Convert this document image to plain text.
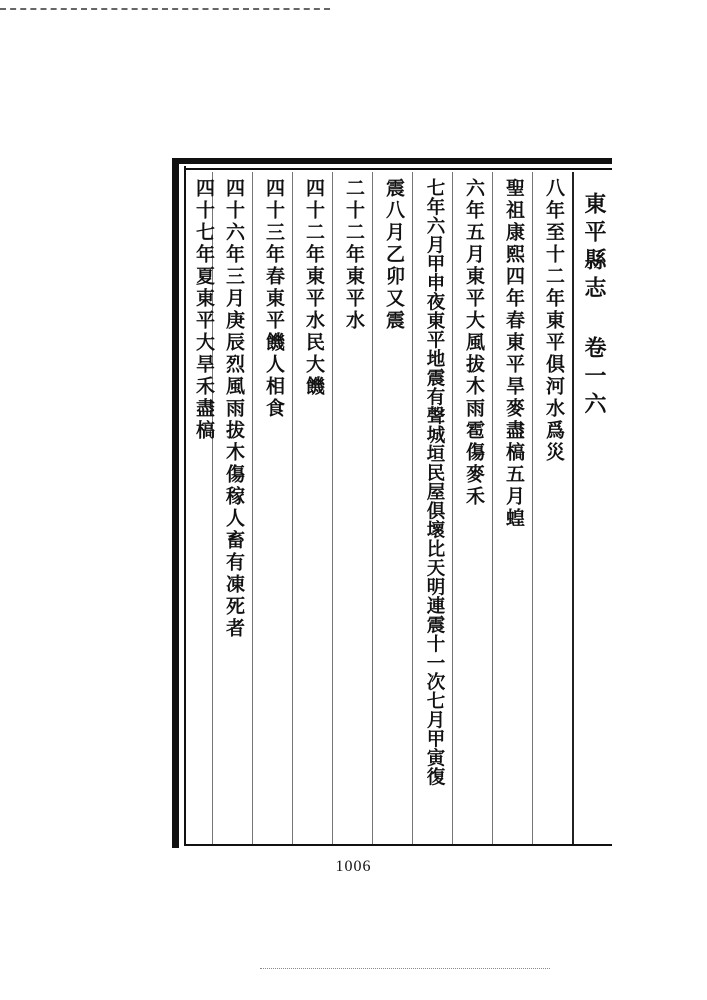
東平縣志 卷一六
八年至十二年東平俱河水爲災
聖祖康熙四年春東平旱麥盡槁五月蝗
六年五月東平大風拔木雨雹傷麥禾
七年六月甲申夜東平地震有聲城垣民屋俱壞比天明連震十一次七月甲寅復
震八月乙卯又震
二十二年東平水
四十二年東平水民大饑
四十三年春東平饑人相食
四十六年三月庚辰烈風雨拔木傷稼人畜有凍死者
四十七年夏東平大旱禾盡槁
1006
